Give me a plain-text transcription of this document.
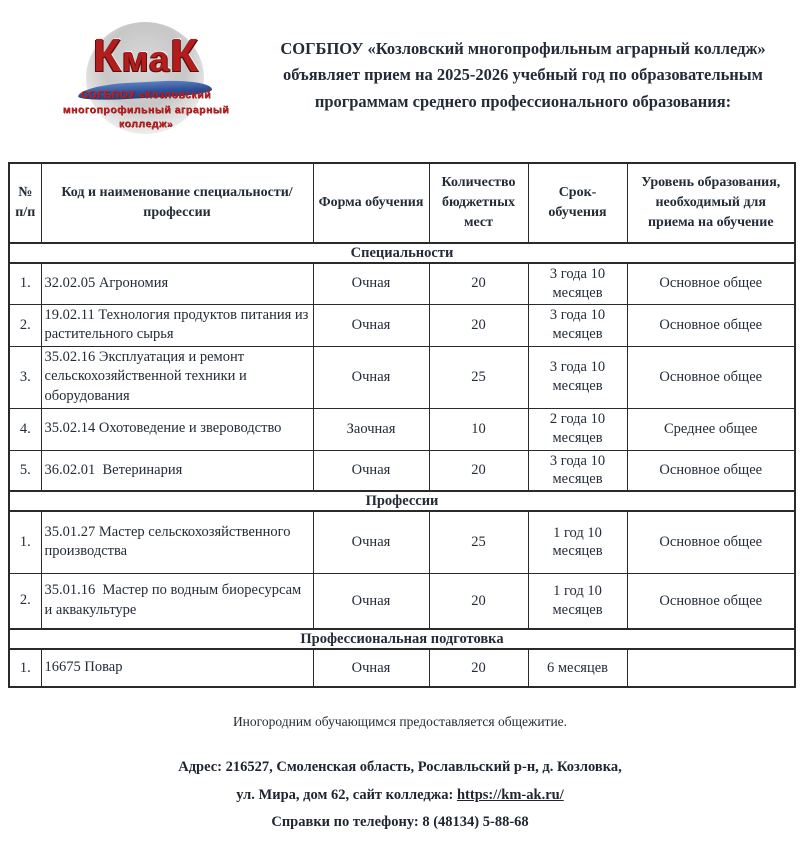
КмаК
СОГБПОУ «Козловский
многопрофильный аграрный
колледж»
СОГБПОУ «Козловский многопрофильным аграрный колледж» объявляет прием на 2025-2026 учебный год по образовательным программам среднего профессионального образования:
№ п/п	Код и наименование специальности/профессии	Форма обучения	Количество бюджетных мест	Срок- обучения	Уровень образования, необходимый для приема на обучение
Специальности					
1.	32.02.05 Агрономия	Очная	20	3 года 10 месяцев	Основное общее
2.	19.02.11 Технология продуктов питания из растительного сырья	Очная	20	3 года 10 месяцев	Основное общее
3.	35.02.16 Эксплуатация и ремонт сельскохозяйственной техники и оборудования	Очная	25	3 года 10 месяцев	Основное общее
4.	35.02.14 Охотоведение и звероводство	Заочная	10	2 года 10 месяцев	Среднее общее
5.	36.02.01  Ветеринария	Очная	20	3 года 10 месяцев	Основное общее
Профессии					
1.	35.01.27 Мастер сельскохозяйственного производства	Очная	25	1 год 10 месяцев	Основное общее
2.	35.01.16  Мастер по водным биоресурсам и аквакультуре	Очная	20	1 год 10 месяцев	Основное общее
Профессиональная подготовка					
1.	16675 Повар	Очная	20	6 месяцев	
Иногородним обучающимся предоставляется общежитие.
Адрес: 216527, Смоленская область, Рославльский р-н, д. Козловка,
ул. Мира, дом 62, сайт колледжа: https://km-ak.ru/
Справки по телефону: 8 (48134) 5-88-68
